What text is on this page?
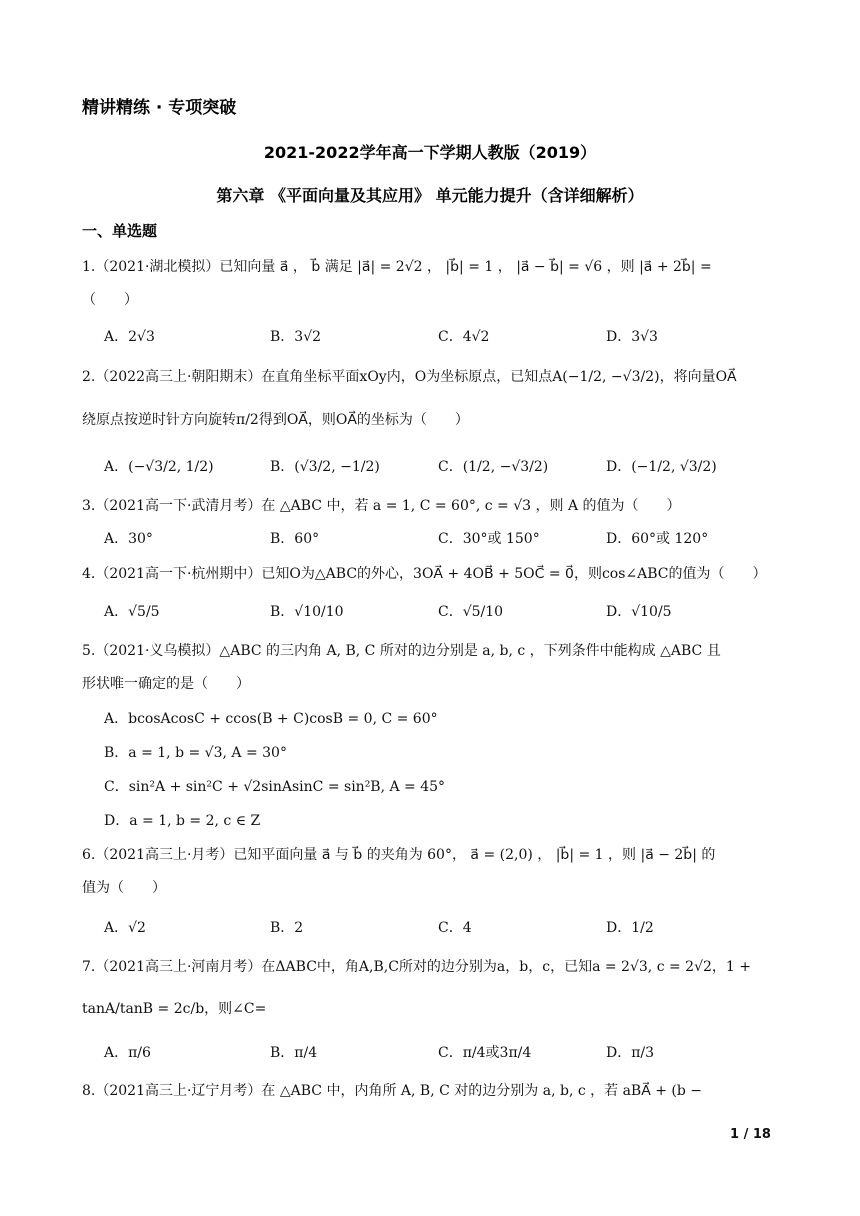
精讲精练 · 专项突破
2021-2022学年高一下学期人教版（2019）
第六章 《平面向量及其应用》 单元能力提升（含详细解析）
一、单选题
1.（2021·湖北模拟）已知向量 a⃗ ， b⃗ 满足 |a⃗| = 2√2 ， |b⃗| = 1 ， |a⃗ − b⃗| = √6 ，则 |a⃗ + 2b⃗| =
（　　）
A．2√3	B．3√2	C．4√2	D．3√3
2.（2022高三上·朝阳期末）在直角坐标平面xOy内，O为坐标原点，已知点A(−1/2, −√3/2)，将向量OA⃗
绕原点按逆时针方向旋转π/2得到OA⃗，则OA⃗的坐标为（　　）
A．(−√3/2, 1/2)	B．(√3/2, −1/2)	C．(1/2, −√3/2)	D．(−1/2, √3/2)
3.（2021高一下·武清月考）在 △ABC 中，若 a = 1, C = 60°, c = √3 ，则 A 的值为（　　）
A．30°	B．60°	C．30°或 150°	D．60°或 120°
4.（2021高一下·杭州期中）已知O为△ABC的外心，3OA⃗ + 4OB⃗ + 5OC⃗ = 0⃗，则cos∠ABC的值为（　　）
A．√5/5	B．√10/10	C．√5/10	D．√10/5
5.（2021·义乌模拟）△ABC 的三内角 A, B, C 所对的边分别是 a, b, c ，下列条件中能构成 △ABC 且
形状唯一确定的是（　　）
A．bcosAcosC + ccos(B + C)cosB = 0, C = 60°
B．a = 1, b = √3, A = 30°
C．sin²A + sin²C + √2sinAsinC = sin²B, A = 45°
D．a = 1, b = 2, c ∈ Z
6.（2021高三上·月考）已知平面向量 a⃗ 与 b⃗ 的夹角为 60°， a⃗ = (2,0) ， |b⃗| = 1 ，则 |a⃗ − 2b⃗| 的
值为（　　）
A．√2	B．2	C．4	D．1/2
7.（2021高三上·河南月考）在ΔABC中，角A,B,C所对的边分别为a，b，c，已知a = 2√3, c = 2√2，1 +
tanA/tanB = 2c/b，则∠C=
A．π/6	B．π/4	C．π/4或3π/4	D．π/3
8.（2021高三上·辽宁月考）在 △ABC 中，内角所 A, B, C 对的边分别为 a, b, c ，若 aBA⃗ + (b −
1 / 18
